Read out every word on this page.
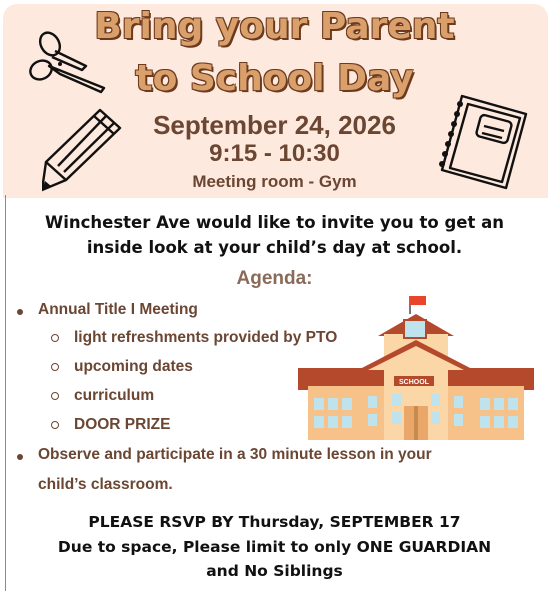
Bring your Parent
to School Day
September 24, 2026
9:15 - 10:30
Meeting room - Gym
Winchester Ave would like to invite you to get an
inside look at your child’s day at school.
Agenda:
Annual Title I Meeting
light refreshments provided by PTO
upcoming dates
curriculum
DOOR PRIZE
Observe and participate in a 30 minute lesson in your
child’s classroom.
SCHOOL
PLEASE RSVP BY Thursday, SEPTEMBER 17
Due to space, Please limit to only ONE GUARDIAN
and No Siblings
